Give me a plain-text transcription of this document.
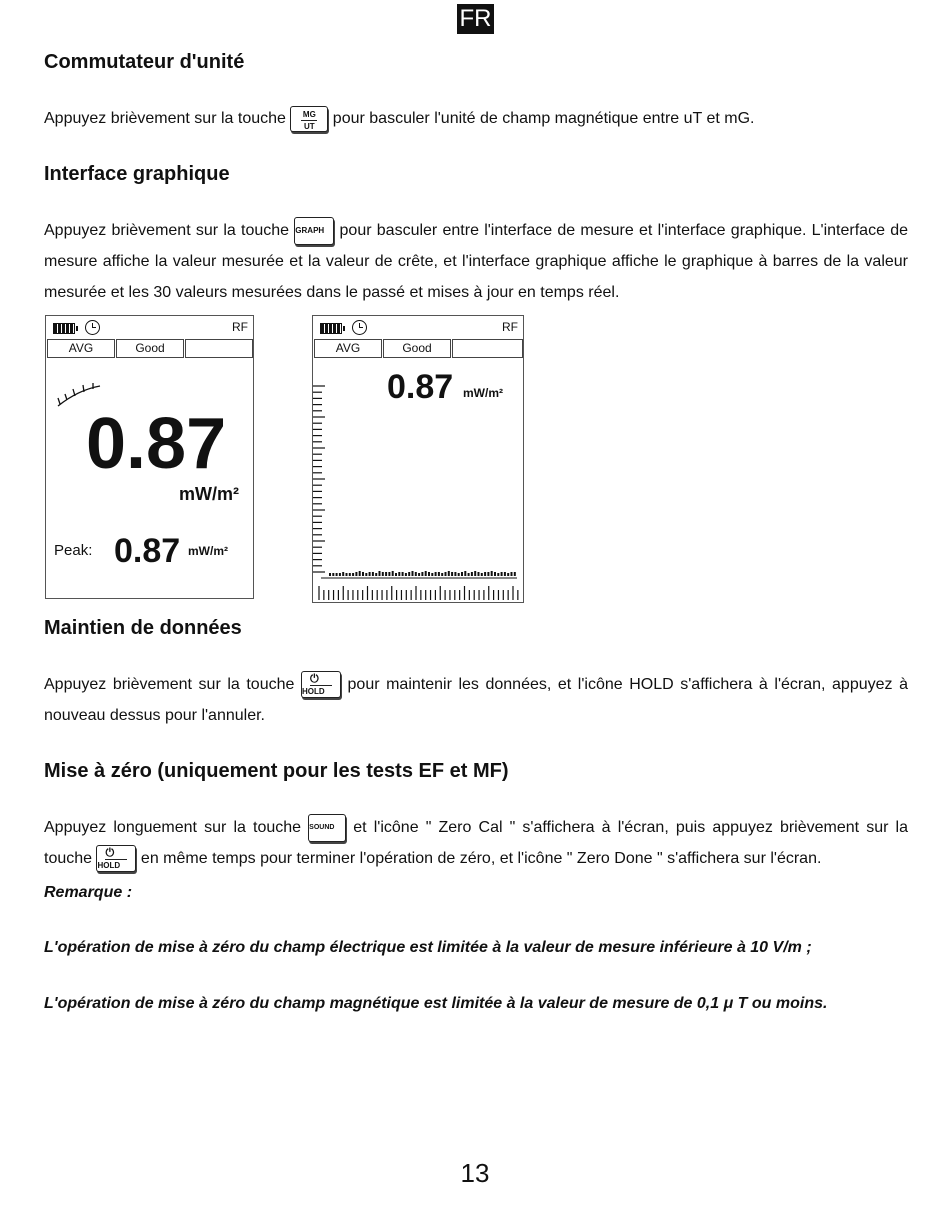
FR
Commutateur d'unité
Appuyez brièvement sur la touche $\frac{MG}{UT}$ pour basculer l'unité de champ magnétique entre uT et mG.
Interface graphique
Appuyez brièvement sur la touche GRAPH pour basculer entre l'interface de mesure et l'interface graphique. L'interface de mesure affiche la valeur mesurée et la valeur de crête, et l'interface graphique affiche le graphique à barres de la valeur mesurée et les 30 valeurs mesurées dans le passé et mises à jour en temps réel.
RF
AVG	Good
0.87
mW/m²
Peak: 0.87 mW/m²
RF
AVG	Good
0.87 mW/m²
Maintien de données
Appuyez brièvement sur la touche ⏻
HOLD	pour maintenir les données, et l'icône HOLD s'affichera à l'écran, appuyez à nouveau dessus pour l'annuler.
Mise à zéro (uniquement pour les tests EF et MF)
Appuyez longuement sur la touche SOUND et l'icône " Zero Cal " s'affichera à l'écran, puis appuyez brièvement sur la touche ⏻
HOLD	en même temps pour terminer l'opération de zéro, et l'icône " Zero Done " s'affichera sur l'écran.
Remarque :
L'opération de mise à zéro du champ électrique est limitée à la valeur de mesure inférieure à 10 V/m ;
L'opération de mise à zéro du champ magnétique est limitée à la valeur de mesure de 0,1 μ T ou moins.
13
